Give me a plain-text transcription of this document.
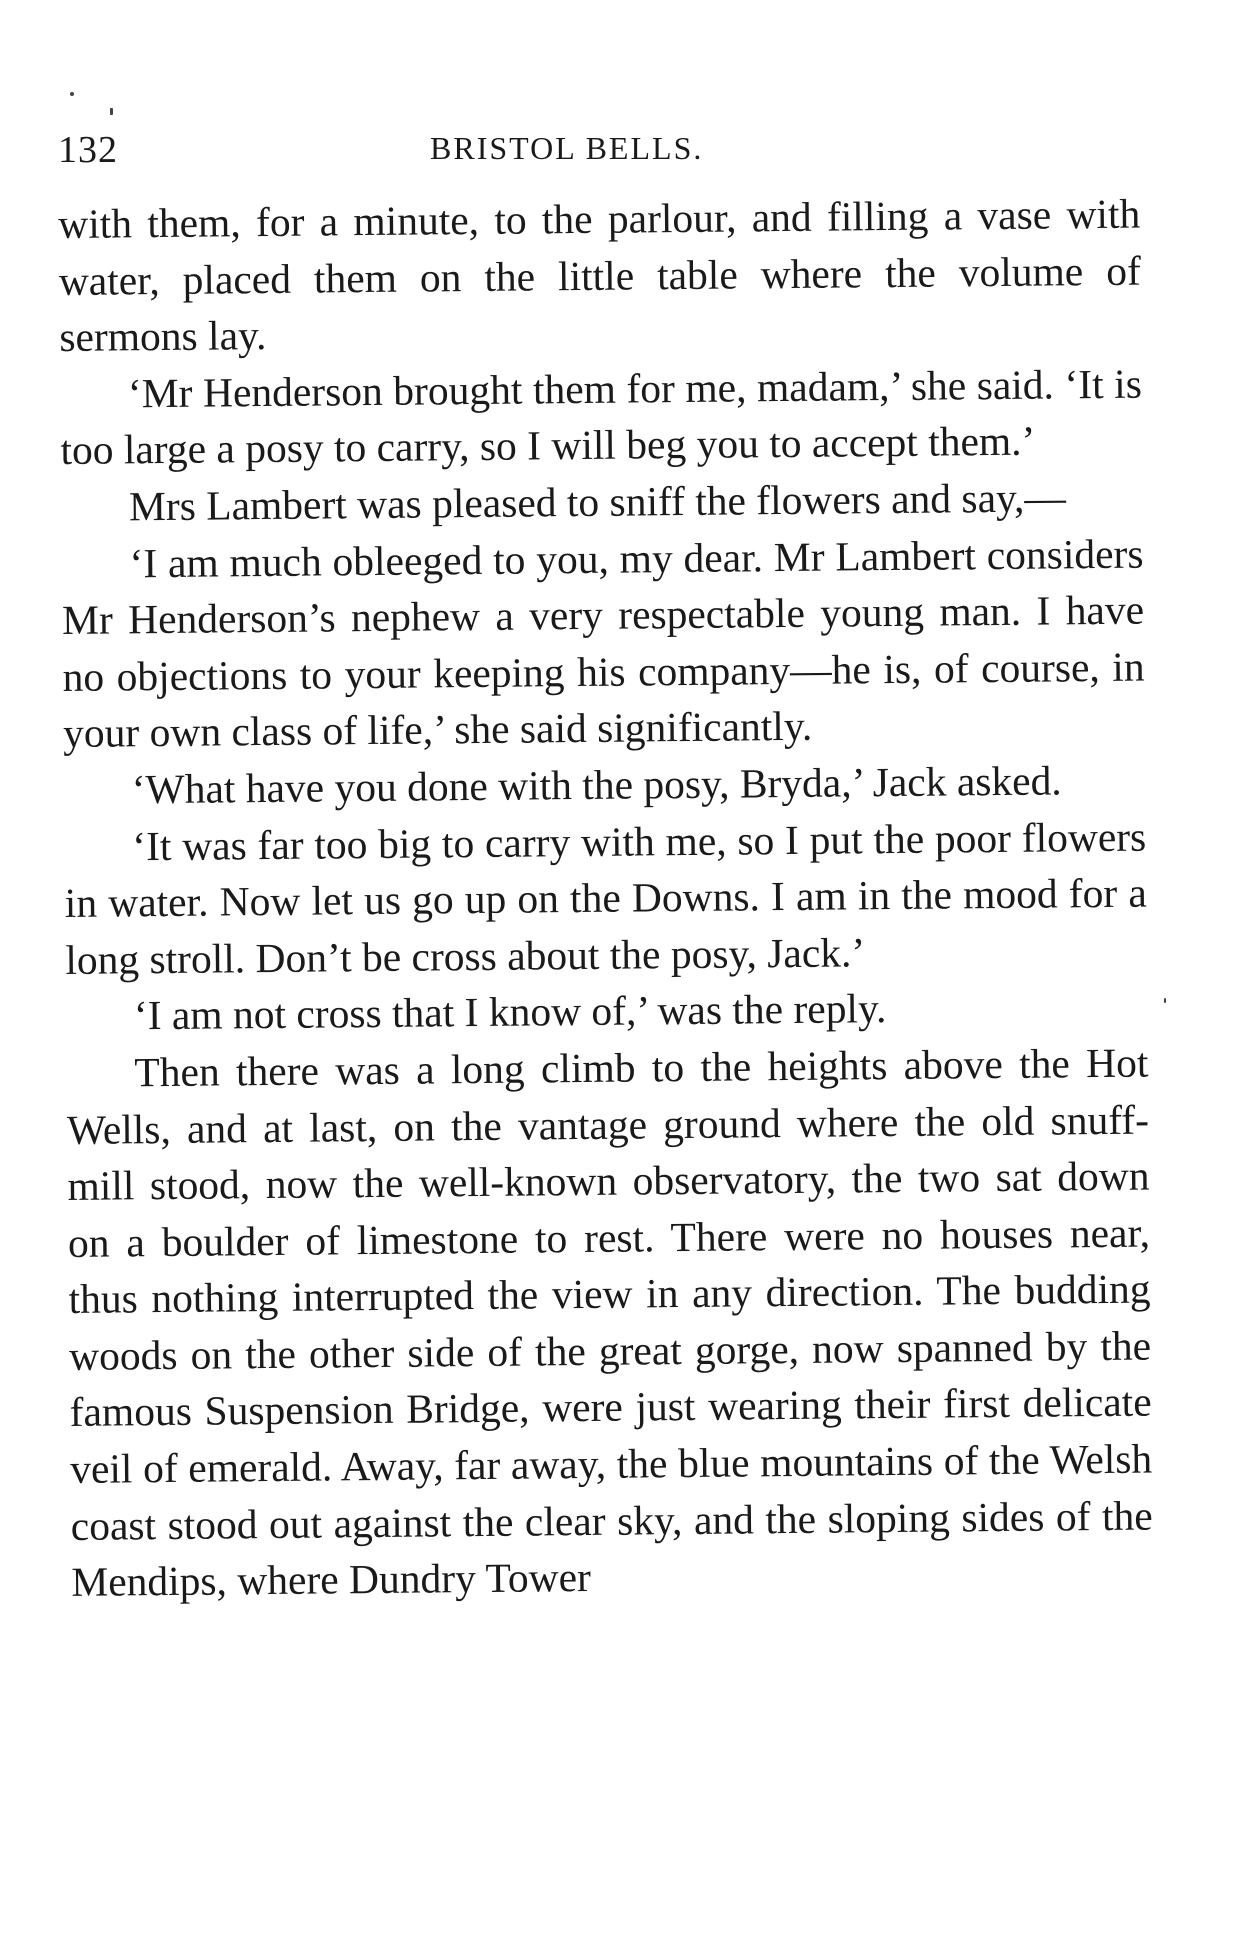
132	BRISTOL BELLS.

with them, for a minute, to the parlour, and filling a vase with water, placed them on the little table where the volume of sermons lay.

‘Mr Henderson brought them for me, madam,’ she said. ‘It is too large a posy to carry, so I will beg you to accept them.’

Mrs Lambert was pleased to sniff the flowers and say,—

‘I am much obleeged to you, my dear. Mr Lambert considers Mr Henderson’s nephew a very respectable young man. I have no objections to your keeping his company—he is, of course, in your own class of life,’ she said significantly.

‘What have you done with the posy, Bryda,’ Jack asked.

‘It was far too big to carry with me, so I put the poor flowers in water. Now let us go up on the Downs. I am in the mood for a long stroll. Don’t be cross about the posy, Jack.’

‘I am not cross that I know of,’ was the reply.

Then there was a long climb to the heights above the Hot Wells, and at last, on the vantage ground where the old snuff-mill stood, now the well-known observatory, the two sat down on a boulder of limestone to rest. There were no houses near, thus nothing interrupted the view in any direction. The budding woods on the other side of the great gorge, now spanned by the famous Suspension Bridge, were just wearing their first delicate veil of emerald. Away, far away, the blue mountains of the Welsh coast stood out against the clear sky, and the sloping sides of the Mendips, where Dundry Tower
